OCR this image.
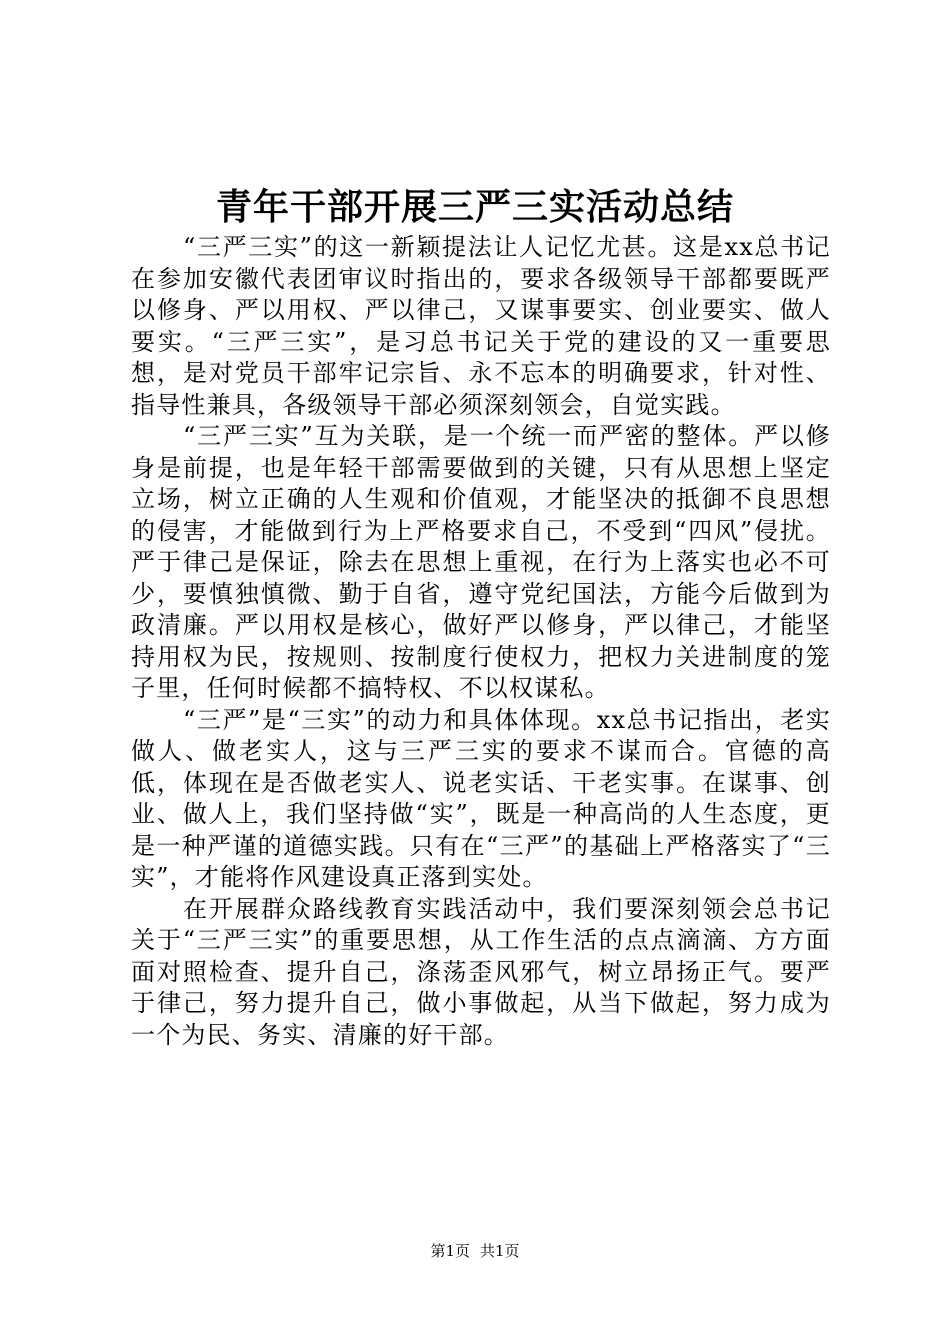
青年干部开展三严三实活动总结

“三严三实”的这一新颖提法让人记忆尤甚。这是xx总书记在参加安徽代表团审议时指出的，要求各级领导干部都要既严以修身、严以用权、严以律己，又谋事要实、创业要实、做人要实。“三严三实”，是习总书记关于党的建设的又一重要思想，是对党员干部牢记宗旨、永不忘本的明确要求，针对性、指导性兼具，各级领导干部必须深刻领会，自觉实践。

“三严三实”互为关联，是一个统一而严密的整体。严以修身是前提，也是年轻干部需要做到的关键，只有从思想上坚定立场，树立正确的人生观和价值观，才能坚决的抵御不良思想的侵害，才能做到行为上严格要求自己，不受到“四风”侵扰。严于律己是保证，除去在思想上重视，在行为上落实也必不可少，要慎独慎微、勤于自省，遵守党纪国法，方能今后做到为政清廉。严以用权是核心，做好严以修身，严以律己，才能坚持用权为民，按规则、按制度行使权力，把权力关进制度的笼子里，任何时候都不搞特权、不以权谋私。

“三严”是“三实”的动力和具体体现。xx总书记指出，老实做人、做老实人，这与三严三实的要求不谋而合。官德的高低，体现在是否做老实人、说老实话、干老实事。在谋事、创业、做人上，我们坚持做“实”，既是一种高尚的人生态度，更是一种严谨的道德实践。只有在“三严”的基础上严格落实了“三实”，才能将作风建设真正落到实处。

在开展群众路线教育实践活动中，我们要深刻领会总书记关于“三严三实”的重要思想，从工作生活的点点滴滴、方方面面对照检查、提升自己，涤荡歪风邪气，树立昂扬正气。要严于律己，努力提升自己，做小事做起，从当下做起，努力成为一个为民、务实、清廉的好干部。

第1页 共1页
